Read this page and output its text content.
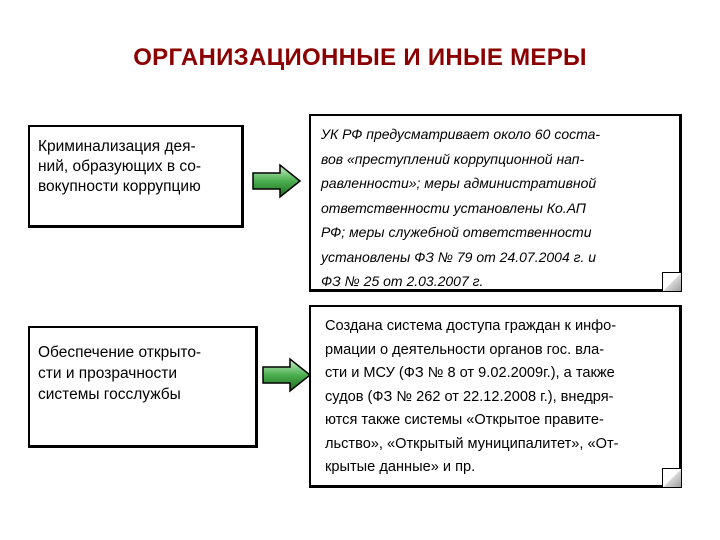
ОРГАНИЗАЦИОННЫЕ И ИНЫЕ МЕРЫ
Криминализация дея-
ний, образующих в со-
вокупности коррупцию
УК РФ предусматривает около 60 соста-
вов «преступлений коррупционной нап-
равленности»; меры административной
ответственности установлены Ко.АП
РФ; меры служебной ответственности
установлены ФЗ № 79 от 24.07.2004 г. и
ФЗ № 25 от 2.03.2007 г.
Обеспечение открыто-
сти и прозрачности
системы госслужбы
Создана система доступа граждан к инфо-
рмации о деятельности органов гос. вла-
сти и МСУ (ФЗ № 8 от 9.02.2009г.), а также
судов (ФЗ № 262 от 22.12.2008 г.), внедря-
ются также системы «Открытое правите-
льство», «Открытый муниципалитет», «От-
крытые данные» и пр.
